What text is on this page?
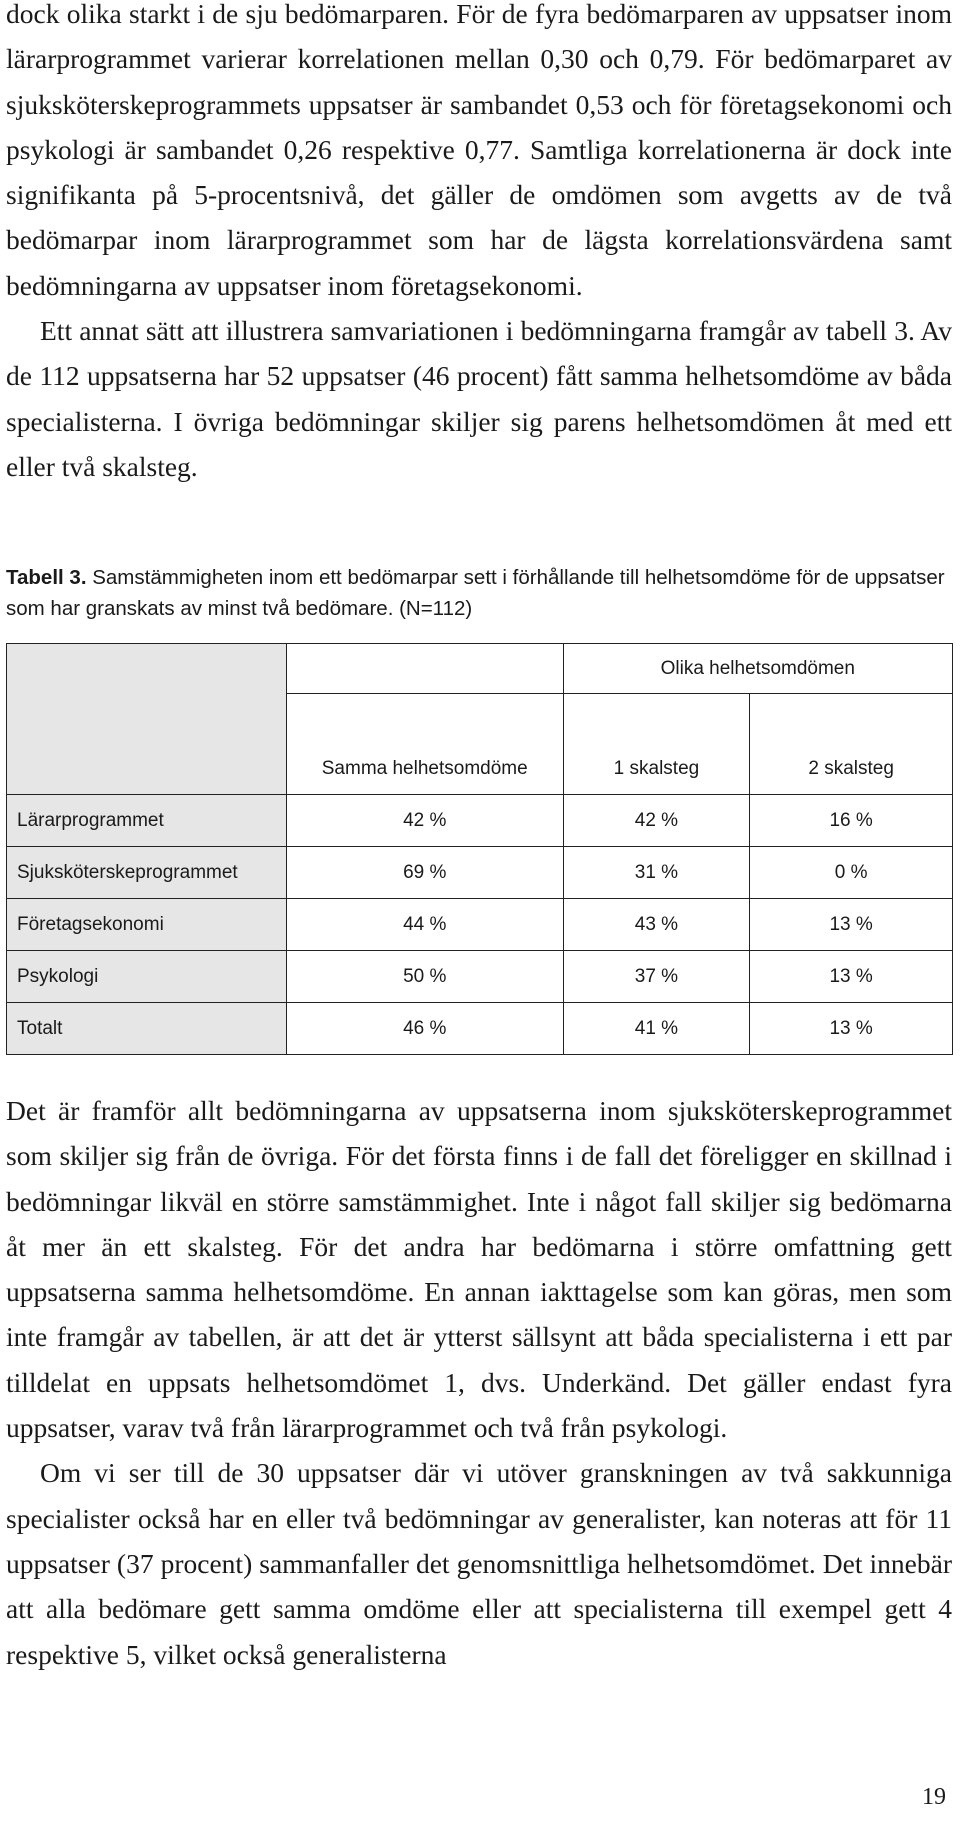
dock olika starkt i de sju bedömarparen. För de fyra bedömarparen av uppsatser inom lärarprogrammet varierar korrelationen mellan 0,30 och 0,79. För bedömarparet av sjuksköterskeprogrammets uppsatser är sambandet 0,53 och för företagsekonomi och psykologi är sambandet 0,26 respektive 0,77. Samtliga korrelationerna är dock inte signifikanta på 5-procentsnivå, det gäller de omdömen som avgetts av de två bedömarpar inom lärarprogrammet som har de lägsta korrelationsvärdena samt bedömningarna av uppsatser inom företagsekonomi.

Ett annat sätt att illustrera samvariationen i bedömningarna framgår av tabell 3. Av de 112 uppsatserna har 52 uppsatser (46 procent) fått samma helhetsomdöme av båda specialisterna. I övriga bedömningar skiljer sig parens helhetsomdömen åt med ett eller två skalsteg.

Tabell 3. Samstämmigheten inom ett bedömarpar sett i förhållande till helhetsomdöme för de uppsatser som har granskats av minst två bedömare. (N=112)
		Olika helhetsomdömen	
	Samma helhetsomdöme	1 skalsteg	2 skalsteg
Lärarprogrammet	42 %	42 %	16 %
Sjuksköterskeprogrammet	69 %	31 %	0 %
Företagsekonomi	44 %	43 %	13 %
Psykologi	50 %	37 %	13 %
Totalt	46 %	41 %	13 %

Det är framför allt bedömningarna av uppsatserna inom sjuksköterskeprogrammet som skiljer sig från de övriga. För det första finns i de fall det föreligger en skillnad i bedömningar likväl en större samstämmighet. Inte i något fall skiljer sig bedömarna åt mer än ett skalsteg. För det andra har bedömarna i större omfattning gett uppsatserna samma helhetsomdöme. En annan iakttagelse som kan göras, men som inte framgår av tabellen, är att det är ytterst sällsynt att båda specialisterna i ett par tilldelat en uppsats helhetsomdömet 1, dvs. Underkänd. Det gäller endast fyra uppsatser, varav två från lärarprogrammet och två från psykologi.

Om vi ser till de 30 uppsatser där vi utöver granskningen av två sakkunniga specialister också har en eller två bedömningar av generalister, kan noteras att för 11 uppsatser (37 procent) sammanfaller det genomsnittliga helhetsomdömet. Det innebär att alla bedömare gett samma omdöme eller att specialisterna till exempel gett 4 respektive 5, vilket också generalisterna

19
